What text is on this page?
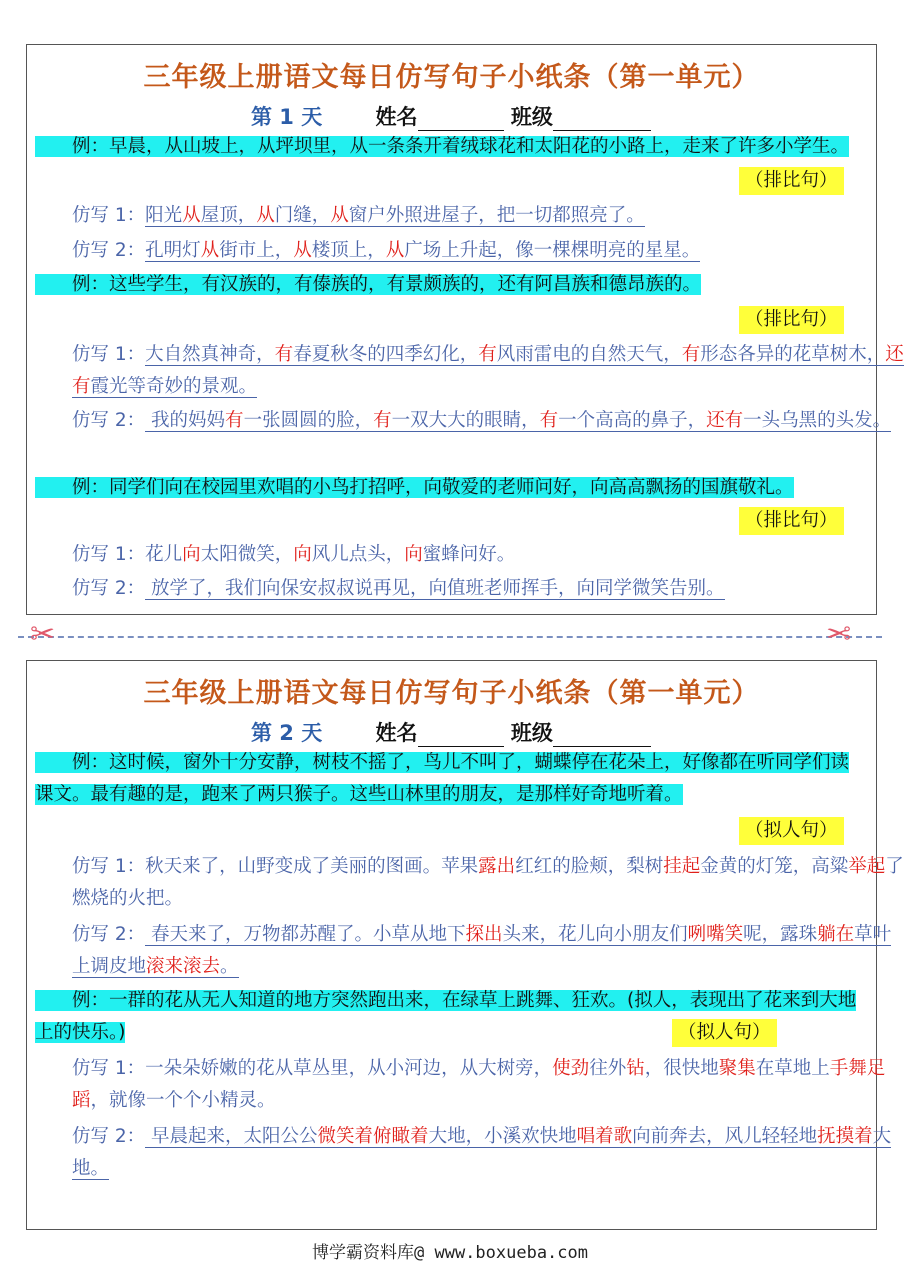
三年级上册语文每日仿写句子小纸条（第一单元）
第 1 天	姓名	班级
例：早晨，从山坡上，从坪坝里，从一条条开着绒球花和太阳花的小路上，走来了许多小学生。
（排比句）
仿写 1：阳光从屋顶，从门缝，从窗户外照进屋子，把一切都照亮了。
仿写 2：孔明灯从街市上，从楼顶上，从广场上升起，像一棵棵明亮的星星。
例：这些学生，有汉族的，有傣族的，有景颇族的，还有阿昌族和德昂族的。
（排比句）
仿写 1：大自然真神奇，有春夏秋冬的四季幻化，有风雨雷电的自然天气，有形态各异的花草树木，还有霞光等奇妙的景观。
仿写 2： 我的妈妈有一张圆圆的脸，有一双大大的眼睛，有一个高高的鼻子，还有一头乌黑的头发。
例：同学们向在校园里欢唱的小鸟打招呼，向敬爱的老师问好，向高高飘扬的国旗敬礼。
（排比句）
仿写 1：花儿向太阳微笑，向风儿点头，向蜜蜂问好。
仿写 2： 放学了，我们向保安叔叔说再见，向值班老师挥手，向同学微笑告别。
✂	✂
三年级上册语文每日仿写句子小纸条（第一单元）
第 2 天	姓名	班级
例：这时候，窗外十分安静，树枝不摇了，鸟儿不叫了，蝴蝶停在花朵上，好像都在听同学们读课文。最有趣的是，跑来了两只猴子。这些山林里的朋友，是那样好奇地听着。
（拟人句）
仿写 1：秋天来了，山野变成了美丽的图画。苹果露出红红的脸颊，梨树挂起金黄的灯笼，高粱举起了燃烧的火把。
仿写 2： 春天来了，万物都苏醒了。小草从地下探出头来，花儿向小朋友们咧嘴笑呢，露珠躺在草叶上调皮地滚来滚去。
例：一群的花从无人知道的地方突然跑出来，在绿草上跳舞、狂欢。(拟人，表现出了花来到大地上的快乐。)	（拟人句）
仿写 1：一朵朵娇嫩的花从草丛里，从小河边，从大树旁，使劲往外钻，很快地聚集在草地上手舞足蹈，就像一个个小精灵。
仿写 2： 早晨起来，太阳公公微笑着俯瞰着大地，小溪欢快地唱着歌向前奔去，风儿轻轻地抚摸着大地。
博学霸资料库@ www.boxueba.com
